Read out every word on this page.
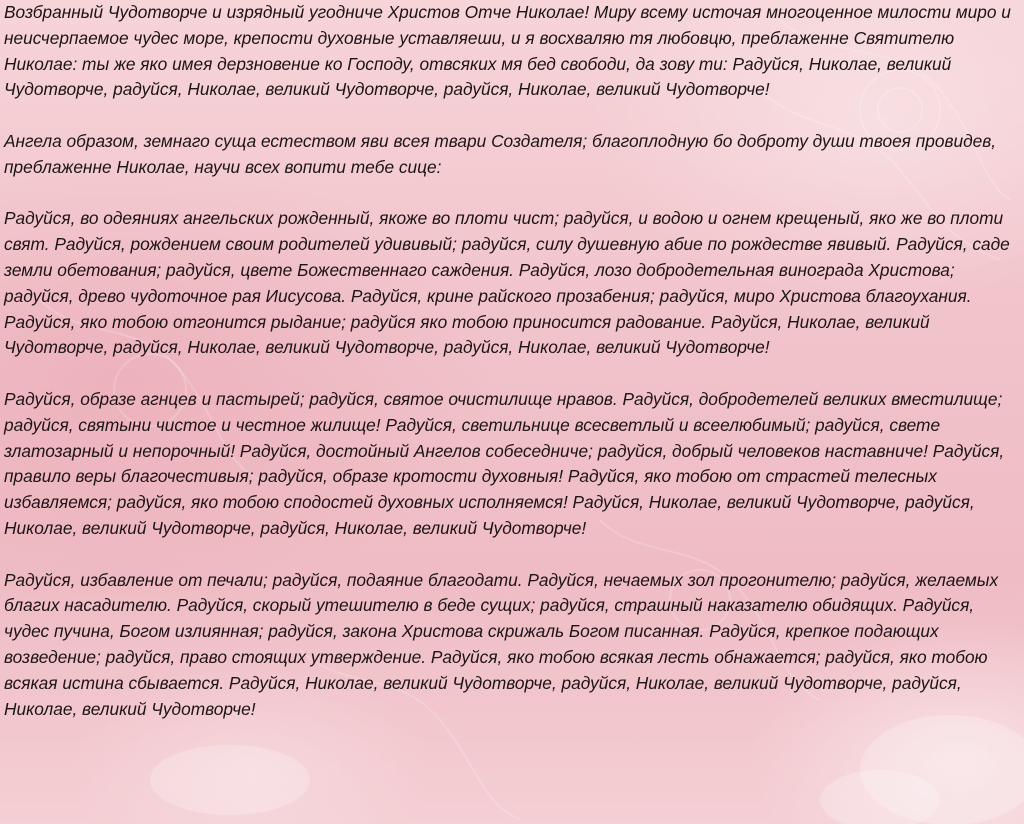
Возбранный Чудотворче и изрядный угодниче Христов Отче Николае! Миру всему источая многоценное милости миро и неисчерпаемое чудес море, крепости духовные уставляеши, и я восхваляю тя любовцю, преблаженне Святителю Николае: ты же яко имея дерзновение ко Господу, отвсяких мя бед свободи, да зову ти: Радуйся, Николае, великий Чудотворче, радуйся, Николае, великий Чудотворче, радуйся, Николае, великий Чудотворче!

Ангела образом, земнаго суща естеством яви всея твари Создателя; благоплодную бо доброту души твоея провидев, преблаженне Николае, научи всех вопити тебе сице:

Радуйся, во одеяниях ангельских рожденный, якоже во плоти чист; радуйся, и водою и огнем крещеный, яко же во плоти свят. Радуйся, рождением своим родителей удививый; радуйся, силу душевную абие по рождестве явивый. Радуйся, саде земли обетования; радуйся, цвете Божественнаго саждения. Радуйся, лозо добродетельная винограда Христова; радуйся, древо чудоточное рая Иисусова. Радуйся, крине райского прозабения; радуйся, миро Христова благоухания. Радуйся, яко тобою отгонится рыдание; радуйся яко тобою приносится радование. Радуйся, Николае, великий Чудотворче, радуйся, Николае, великий Чудотворче, радуйся, Николае, великий Чудотворче!

Радуйся, образе агнцев и пастырей; радуйся, святое очистилище нравов. Радуйся, добродетелей великих вместилище; радуйся, святыни чистое и честное жилище! Радуйся, светильнице всесветлый и всеелюбимый; радуйся, свете златозарный и непорочный! Радуйся, достойный Ангелов собеседниче; радуйся, добрый человеков наставниче! Радуйся, правило веры благочестивыя; радуйся, образе кротости духовныя! Радуйся, яко тобою от страстей телесных избавляемся; радуйся, яко тобою сподостей духовных исполняемся! Радуйся, Николае, великий Чудотворче, радуйся, Николае, великий Чудотворче, радуйся, Николае, великий Чудотворче!

Радуйся, избавление от печали; радуйся, подаяние благодати. Радуйся, нечаемых зол прогонителю; радуйся, желаемых благих насадителю. Радуйся, скорый утешителю в беде сущих; радуйся, страшный наказателю обидящих. Радуйся, чудес пучина, Богом излиянная; радуйся, закона Христова скрижаль Богом писанная. Радуйся, крепкое подающих возведение; радуйся, право стоящих утверждение. Радуйся, яко тобою всякая лесть обнажается; радуйся, яко тобою всякая истина сбывается. Радуйся, Николае, великий Чудотворче, радуйся, Николае, великий Чудотворче, радуйся, Николае, великий Чудотворче!
